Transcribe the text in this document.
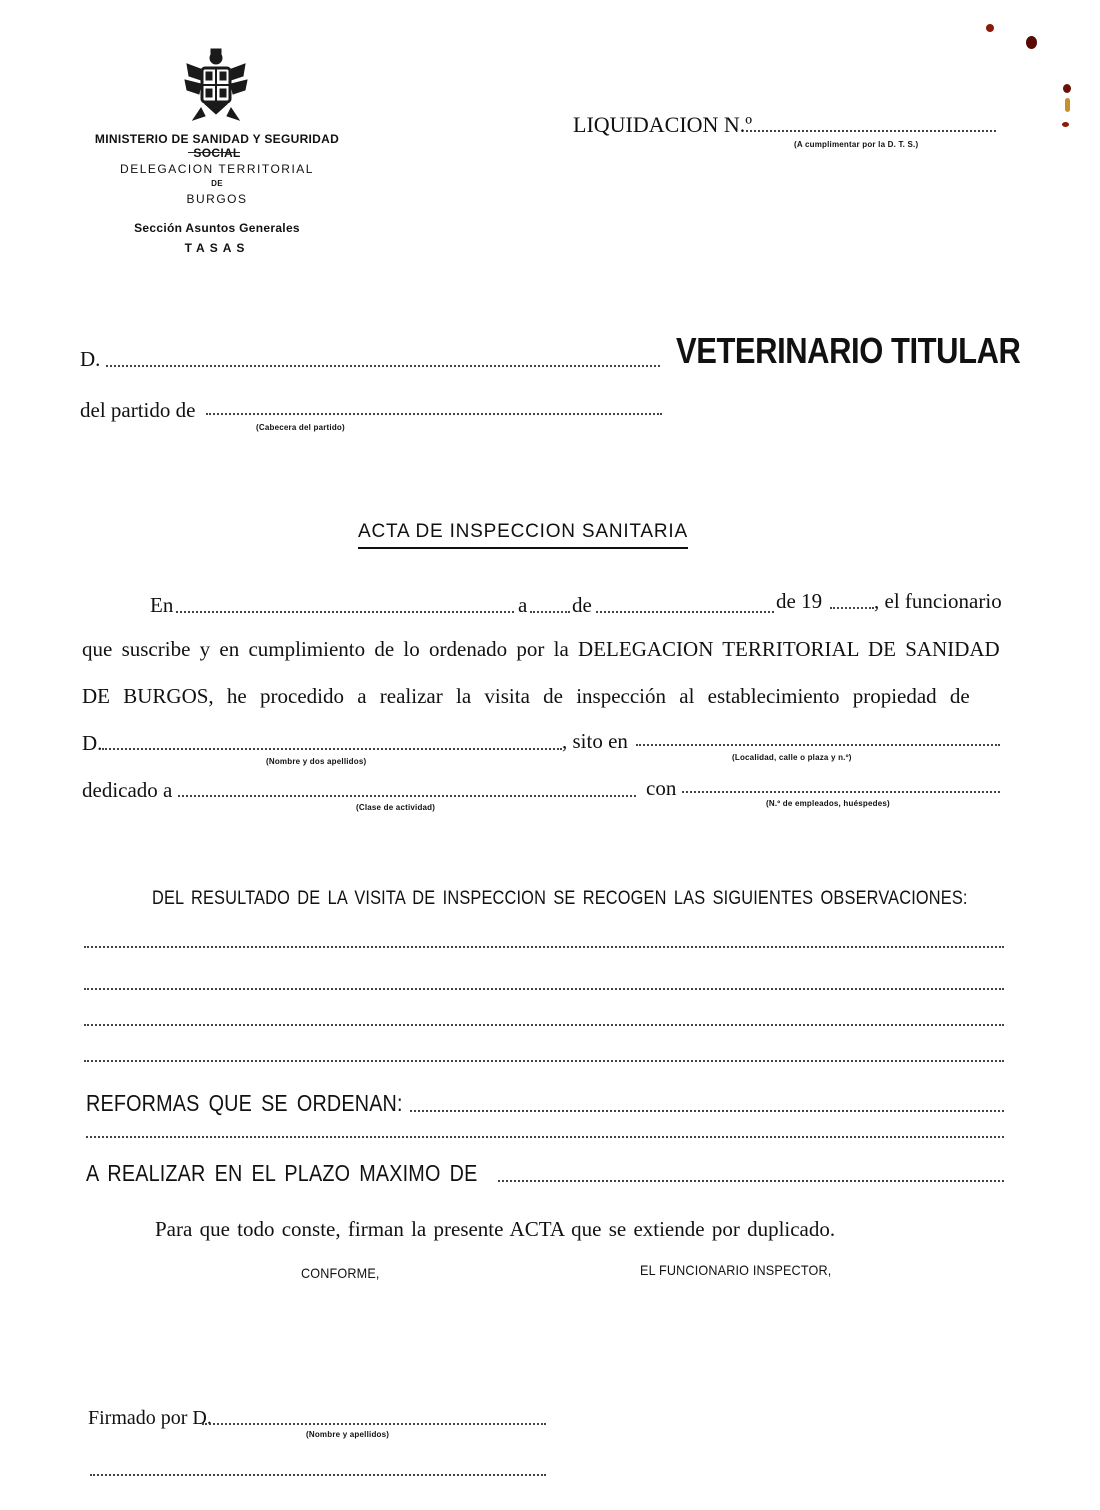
MINISTERIO DE SANIDAD Y SEGURIDAD SOCIAL
DELEGACION TERRITORIAL
DE
BURGOS
Sección Asuntos Generales
TASAS
LIQUIDACION N.º
(A cumplimentar por la D. T. S.)
D.	VETERINARIO TITULAR
del partido de
(Cabecera del partido)
ACTA DE INSPECCION SANITARIA
En	a de	de 19 , el funcionario
que suscribe y en cumplimiento de lo ordenado por la DELEGACION TERRITORIAL DE SANIDAD
DE BURGOS, he procedido a realizar la visita de inspección al establecimiento propiedad de
D.	, sito en
(Nombre y dos apellidos)	(Localidad, calle o plaza y n.º)
dedicado a	con
(Clase de actividad)	(N.º de empleados, huéspedes)
DEL RESULTADO DE LA VISITA DE INSPECCION SE RECOGEN LAS SIGUIENTES OBSERVACIONES:
REFORMAS QUE SE ORDENAN:
A REALIZAR EN EL PLAZO MAXIMO DE
Para que todo conste, firman la presente ACTA que se extiende por duplicado.
CONFORME,	EL FUNCIONARIO INSPECTOR,
Firmado por D.
(Nombre y apellidos)
